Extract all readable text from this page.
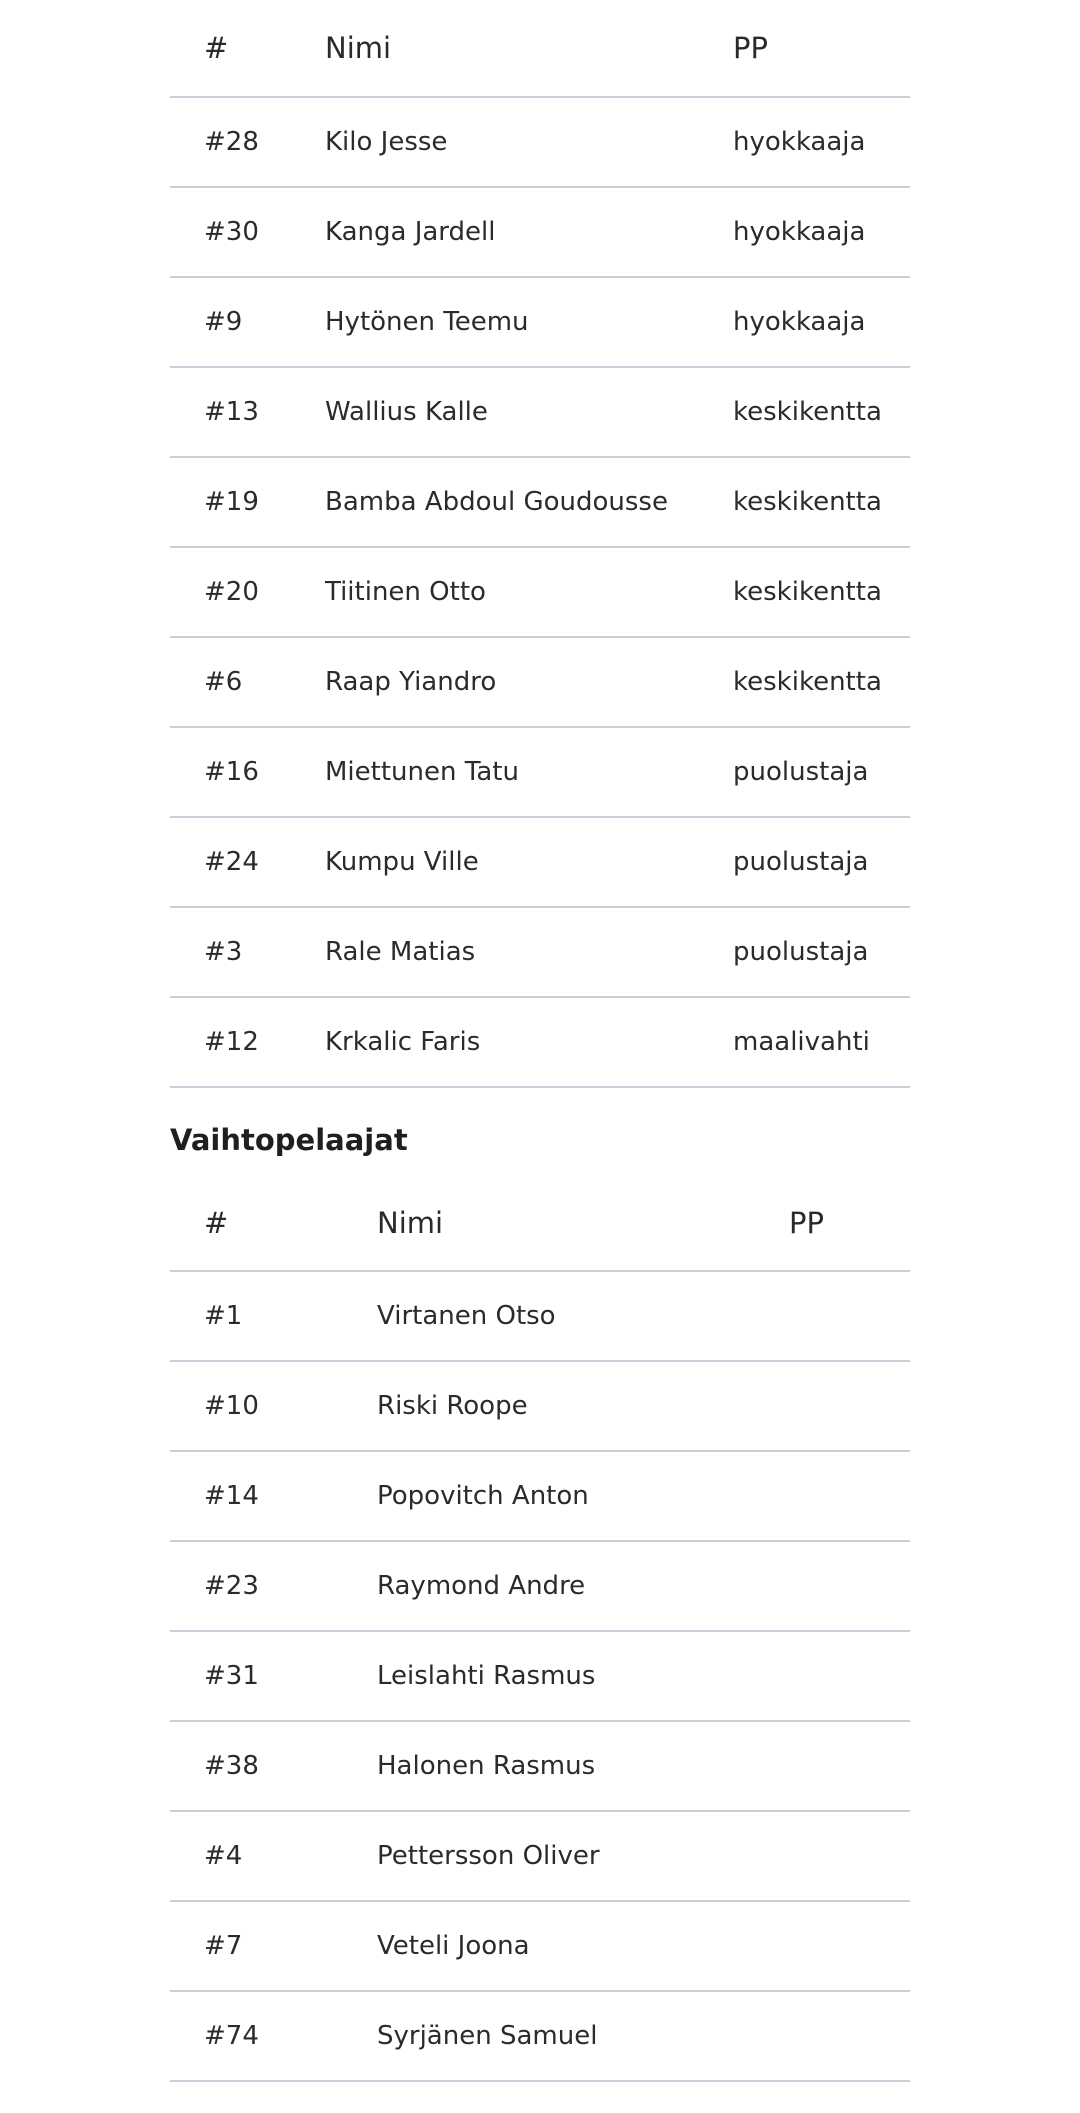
#	Nimi	PP
#28	Kilo Jesse	hyokkaaja
#30	Kanga Jardell	hyokkaaja
#9	Hytönen Teemu	hyokkaaja
#13	Wallius Kalle	keskikentta
#19	Bamba Abdoul Goudousse	keskikentta
#20	Tiitinen Otto	keskikentta
#6	Raap Yiandro	keskikentta
#16	Miettunen Tatu	puolustaja
#24	Kumpu Ville	puolustaja
#3	Rale Matias	puolustaja
#12	Krkalic Faris	maalivahti
Vaihtopelaajat
#	Nimi	PP
#1	Virtanen Otso	
#10	Riski Roope	
#14	Popovitch Anton	
#23	Raymond Andre	
#31	Leislahti Rasmus	
#38	Halonen Rasmus	
#4	Pettersson Oliver	
#7	Veteli Joona	
#74	Syrjänen Samuel	
